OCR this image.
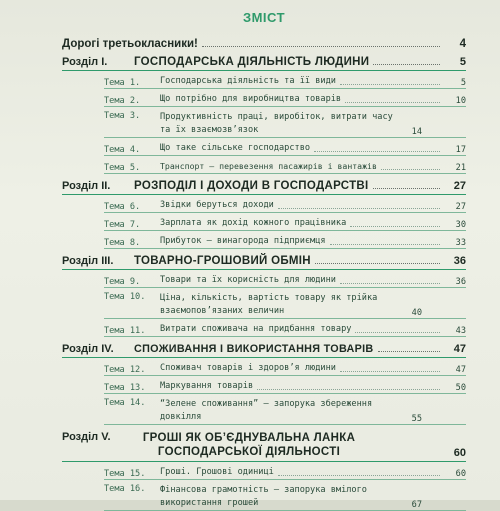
ЗМІСТ
Дорогі третьокласники!	4
Розділ І.	ГОСПОДАРСЬКА ДІЯЛЬНІСТЬ ЛЮДИНИ	5
Тема 1.	Господарська діяльність та її види	5
Тема 2.	Що потрібно для виробництва товарів	10
Тема 3.	Продуктивність праці, виробіток, витрати часу та їх взаємозв’язок	14
Тема 4.	Що таке сільське господарство	17
Тема 5.	Транспорт – перевезення пасажирів і вантажів	21
Розділ ІІ.	РОЗПОДІЛ І ДОХОДИ В ГОСПОДАРСТВІ	27
Тема 6.	Звідки беруться доходи	27
Тема 7.	Зарплата як дохід кожного працівника	30
Тема 8.	Прибуток – винагорода підприємця	33
Розділ ІІІ.	ТОВАРНО-ГРОШОВИЙ ОБМІН	36
Тема 9.	Товари та їх корисність для людини	36
Тема 10.	Ціна, кількість, вартість товару як трійка взаємопов’язаних величин	40
Тема 11.	Витрати споживача на придбання товару	43
Розділ IV.	СПОЖИВАННЯ І ВИКОРИСТАННЯ ТОВАРІВ	47
Тема 12.	Споживач товарів і здоров’я людини	47
Тема 13.	Маркування товарів	50
Тема 14.	“Зелене споживання” – запорука збереження довкілля	55
Розділ V.	ГРОШІ ЯК ОБ’ЄДНУВАЛЬНА ЛАНКА ГОСПОДАРСЬКОЇ ДІЯЛЬНОСТІ	60
Тема 15.	Гроші. Грошові одиниці	60
Тема 16.	Фінансова грамотність – запорука вмілого використання грошей	67
